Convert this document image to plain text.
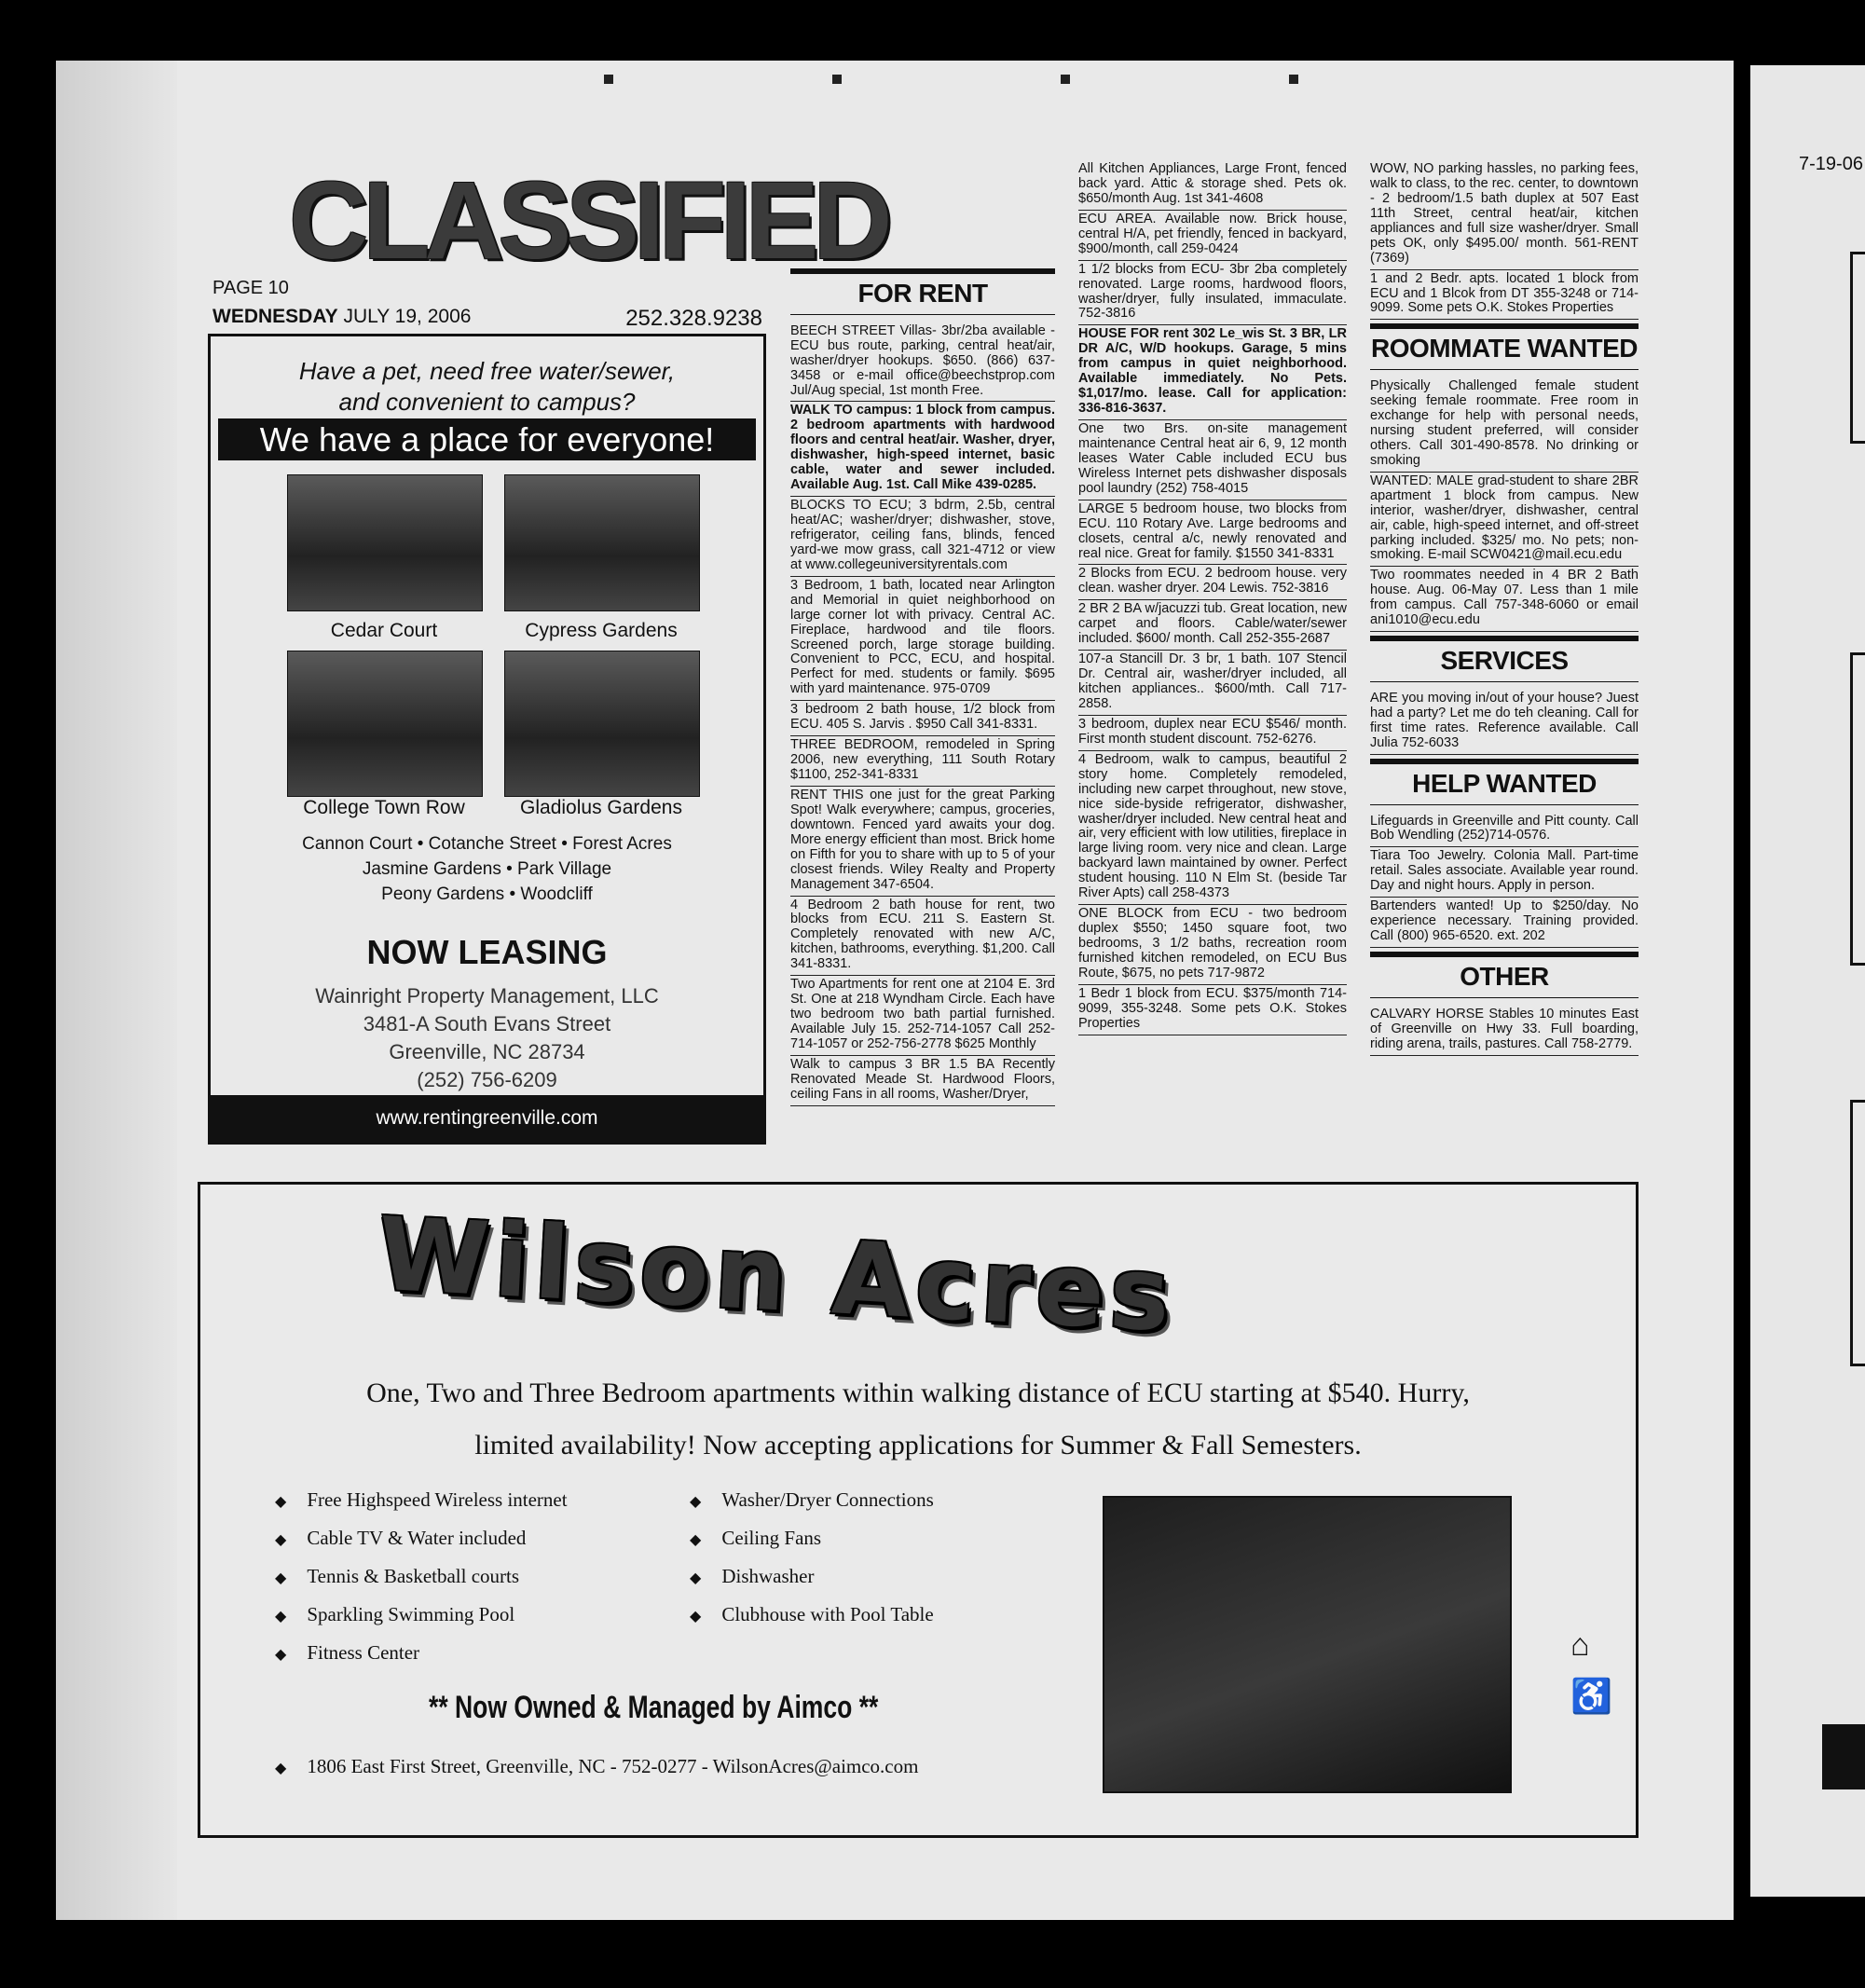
7-19-06
CLASSIFIED
PAGE 10
WEDNESDAY JULY 19, 2006	252.328.9238
Have a pet, need free water/sewer,
and convenient to campus?
We have a place for everyone!
Cedar Court	Cypress Gardens
College Town Row	Gladiolus Gardens
Cannon Court • Cotanche Street • Forest Acres
Jasmine Gardens • Park Village
Peony Gardens • Woodcliff
NOW LEASING
Wainright Property Management, LLC
3481-A South Evans Street
Greenville, NC 28734
(252) 756-6209
www.rentingreenville.com
FOR RENT

BEECH STREET Villas- 3br/2ba available - ECU bus route, parking, central heat/air, washer/dryer hookups. $650. (866) 637-3458 or e-mail office@beechstprop.com Jul/Aug special, 1st month Free.

WALK TO campus: 1 block from campus. 2 bedroom apartments with hardwood floors and central heat/air. Washer, dryer, dishwasher, high-speed internet, basic cable, water and sewer included. Available Aug. 1st. Call Mike 439-0285.

BLOCKS TO ECU; 3 bdrm, 2.5b, central heat/AC; washer/dryer; dishwasher, stove, refrigerator, ceiling fans, blinds, fenced yard-we mow grass, call 321-4712 or view at www.collegeuniversityrentals.com

3 Bedroom, 1 bath, located near Arlington and Memorial in quiet neighborhood on large corner lot with privacy. Central AC. Fireplace, hardwood and tile floors. Screened porch, large storage building. Convenient to PCC, ECU, and hospital. Perfect for med. students or family. $695 with yard maintenance. 975-0709

3 bedroom 2 bath house, 1/2 block from ECU. 405 S. Jarvis . $950 Call 341-8331.

THREE BEDROOM, remodeled in Spring 2006, new everything, 111 South Rotary $1100, 252-341-8331

RENT THIS one just for the great Parking Spot! Walk everywhere; campus, groceries, downtown. Fenced yard awaits your dog. More energy efficient than most. Brick home on Fifth for you to share with up to 5 of your closest friends. Wiley Realty and Property Management 347-6504.

4 Bedroom 2 bath house for rent, two blocks from ECU. 211 S. Eastern St. Completely renovated with new A/C, kitchen, bathrooms, everything. $1,200. Call 341-8331.

Two Apartments for rent one at 2104 E. 3rd St. One at 218 Wyndham Circle. Each have two bedroom two bath partial furnished. Available July 15. 252-714-1057 Call 252-714-1057 or 252-756-2778 $625 Monthly

Walk to campus 3 BR 1.5 BA Recently Renovated Meade St. Hardwood Floors, ceiling Fans in all rooms, Washer/Dryer,

All Kitchen Appliances, Large Front, fenced back yard. Attic & storage shed. Pets ok. $650/month Aug. 1st 341-4608

ECU AREA. Available now. Brick house, central H/A, pet friendly, fenced in backyard, $900/month, call 259-0424

1 1/2 blocks from ECU- 3br 2ba completely renovated. Large rooms, hardwood floors, washer/dryer, fully insulated, immaculate. 752-3816

HOUSE FOR rent 302 Le_wis St. 3 BR, LR DR A/C, W/D hookups. Garage, 5 mins from campus in quiet neighborhood. Available immediately. No Pets. $1,017/mo. lease. Call for application: 336-816-3637.

One two Brs. on-site management maintenance Central heat air 6, 9, 12 month leases Water Cable included ECU bus Wireless Internet pets dishwasher disposals pool laundry (252) 758-4015

LARGE 5 bedroom house, two blocks from ECU. 110 Rotary Ave. Large bedrooms and closets, central a/c, newly renovated and real nice. Great for family. $1550 341-8331

2 Blocks from ECU. 2 bedroom house. very clean. washer dryer. 204 Lewis. 752-3816

2 BR 2 BA w/jacuzzi tub. Great location, new carpet and floors. Cable/water/sewer included. $600/ month. Call 252-355-2687

107-a Stancill Dr. 3 br, 1 bath. 107 Stencil Dr. Central air, washer/dryer included, all kitchen appliances.. $600/mth. Call 717-2858.

3 bedroom, duplex near ECU $546/ month. First month student discount. 752-6276.

4 Bedroom, walk to campus, beautiful 2 story home. Completely remodeled, including new carpet throughout, new stove, nice side-byside refrigerator, dishwasher, washer/dryer included. New central heat and air, very efficient with low utilities, fireplace in large living room. very nice and clean. Large backyard lawn maintained by owner. Perfect student housing. 110 N Elm St. (beside Tar River Apts) call 258-4373

ONE BLOCK from ECU - two bedroom duplex $550; 1450 square foot, two bedrooms, 3 1/2 baths, recreation room furnished kitchen remodeled, on ECU Bus Route, $675, no pets 717-9872

1 Bedr 1 block from ECU. $375/month 714-9099, 355-3248. Some pets O.K. Stokes Properties

WOW, NO parking hassles, no parking fees, walk to class, to the rec. center, to downtown - 2 bedroom/1.5 bath duplex at 507 East 11th Street, central heat/air, kitchen appliances and full size washer/dryer. Small pets OK, only $495.00/ month. 561-RENT (7369)

1 and 2 Bedr. apts. located 1 block from ECU and 1 Blcok from DT 355-3248 or 714-9099. Some pets O.K. Stokes Properties

ROOMMATE WANTED

Physically Challenged female student seeking female roommate. Free room in exchange for help with personal needs, nursing student preferred, will consider others. Call 301-490-8578. No drinking or smoking

WANTED: MALE grad-student to share 2BR apartment 1 block from campus. New interior, washer/dryer, dishwasher, central air, cable, high-speed internet, and off-street parking included. $325/ mo. No pets; non-smoking. E-mail SCW0421@mail.ecu.edu

Two roommates needed in 4 BR 2 Bath house. Aug. 06-May 07. Less than 1 mile from campus. Call 757-348-6060 or email ani1010@ecu.edu

SERVICES

ARE you moving in/out of your house? Juest had a party? Let me do teh cleaning. Call for first time rates. Reference available. Call Julia 752-6033

HELP WANTED

Lifeguards in Greenville and Pitt county. Call Bob Wendling (252)714-0576.

Tiara Too Jewelry. Colonia Mall. Part-time retail. Sales associate. Available year round. Day and night hours. Apply in person.

Bartenders wanted! Up to $250/day. No experience necessary. Training provided. Call (800) 965-6520. ext. 202

OTHER

CALVARY HORSE Stables 10 minutes East of Greenville on Hwy 33. Full boarding, riding arena, trails, pastures. Call 758-2779.

Wilson Acres
One, Two and Three Bedroom apartments within walking distance of ECU starting at $540. Hurry,
limited availability! Now accepting applications for Summer & Fall Semesters.
◆ Free Highspeed Wireless internet
◆ Cable TV & Water included
◆ Tennis & Basketball courts
◆ Sparkling Swimming Pool
◆ Fitness Center
◆ Washer/Dryer Connections
◆ Ceiling Fans
◆ Dishwasher
◆ Clubhouse with Pool Table
** Now Owned & Managed by Aimco **
◆ 1806 East First Street, Greenville, NC - 752-0277 - WilsonAcres@aimco.com
⌂
♿
